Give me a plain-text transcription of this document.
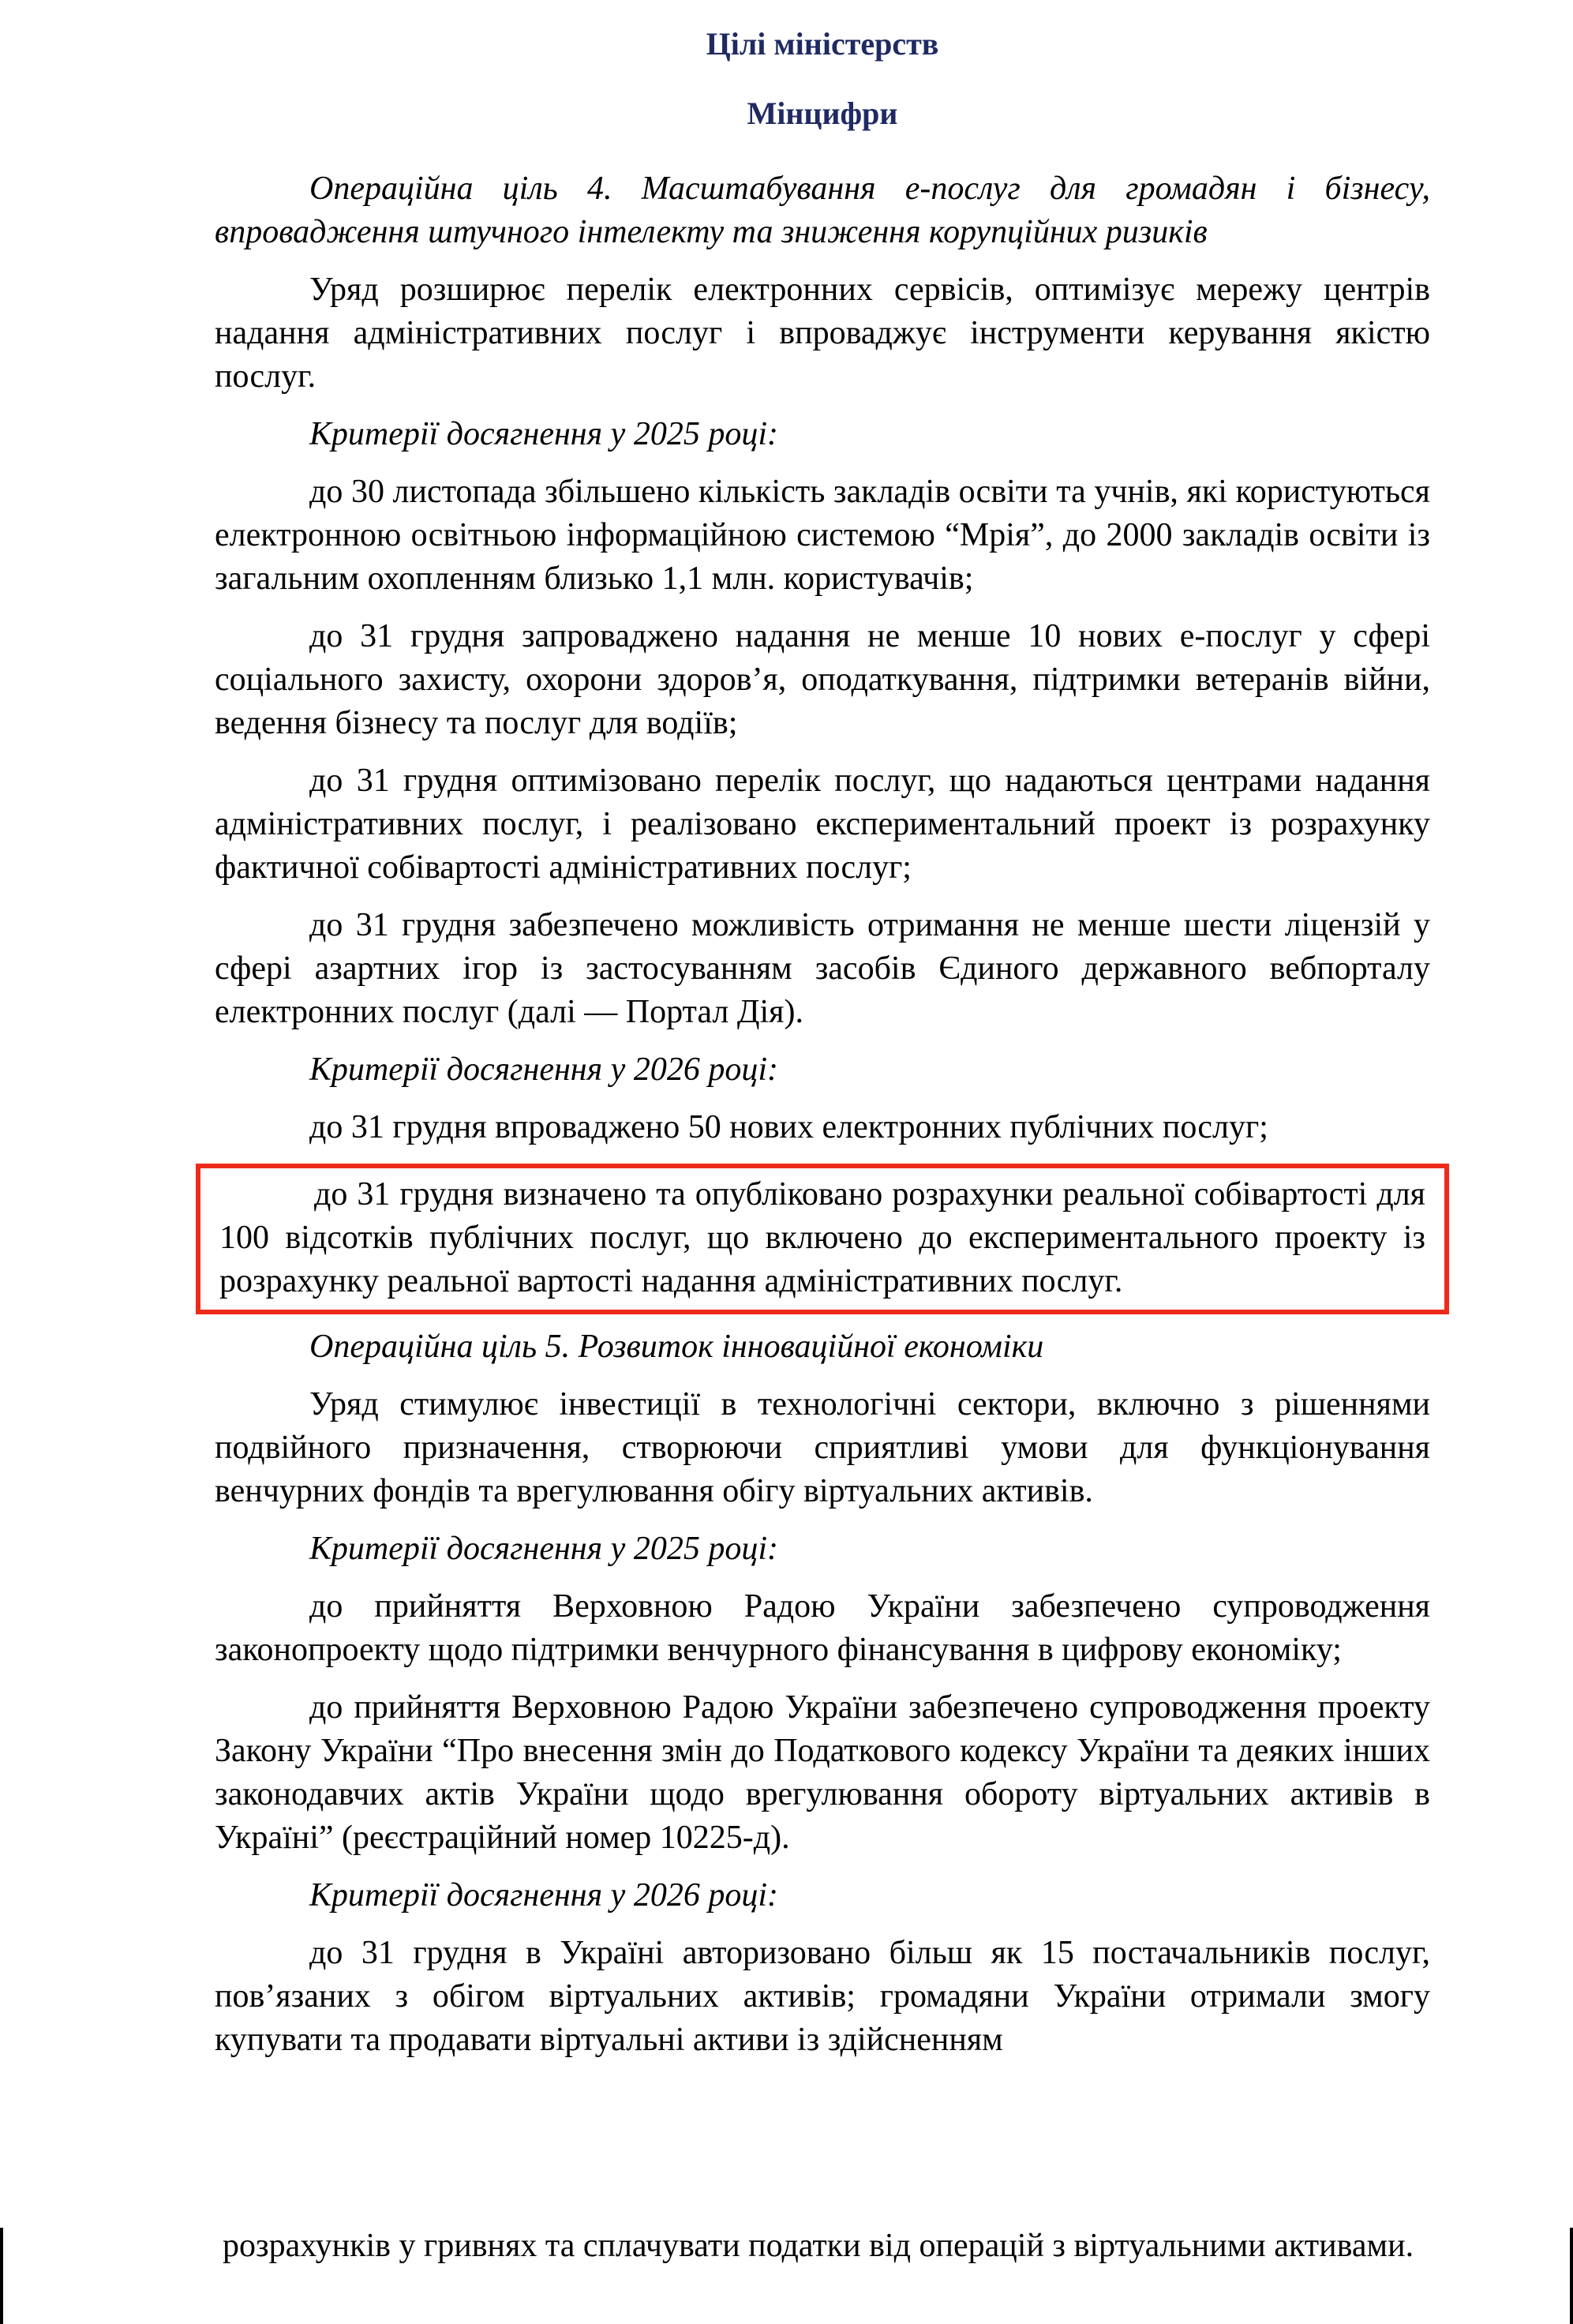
Цілі міністерств
Мінцифри

Операційна ціль 4. Масштабування е-послуг для громадян і бізнесу, впровадження штучного інтелекту та зниження корупційних ризиків

Уряд розширює перелік електронних сервісів, оптимізує мережу центрів надання адміністративних послуг і впроваджує інструменти керування якістю послуг.

Критерії досягнення у 2025 році:

до 30 листопада збільшено кількість закладів освіти та учнів, які користуються електронною освітньою інформаційною системою “Мрія”, до 2000 закладів освіти із загальним охопленням близько 1,1 млн. користувачів;

до 31 грудня запроваджено надання не менше 10 нових е-послуг у сфері соціального захисту, охорони здоров’я, оподаткування, підтримки ветеранів війни, ведення бізнесу та послуг для водіїв;

до 31 грудня оптимізовано перелік послуг, що надаються центрами надання адміністративних послуг, і реалізовано експериментальний проект із розрахунку фактичної собівартості адміністративних послуг;

до 31 грудня забезпечено можливість отримання не менше шести ліцензій у сфері азартних ігор із застосуванням засобів Єдиного державного вебпорталу електронних послуг (далі — Портал Дія).

Критерії досягнення у 2026 році:

до 31 грудня впроваджено 50 нових електронних публічних послуг;

до 31 грудня визначено та опубліковано розрахунки реальної собівартості для 100 відсотків публічних послуг, що включено до експериментального проекту із розрахунку реальної вартості надання адміністративних послуг.

Операційна ціль 5. Розвиток інноваційної економіки

Уряд стимулює інвестиції в технологічні сектори, включно з рішеннями подвійного призначення, створюючи сприятливі умови для функціонування венчурних фондів та врегулювання обігу віртуальних активів.

Критерії досягнення у 2025 році:

до прийняття Верховною Радою України забезпечено супроводження законопроекту щодо підтримки венчурного фінансування в цифрову економіку;

до прийняття Верховною Радою України забезпечено супроводження проекту Закону України “Про внесення змін до Податкового кодексу України та деяких інших законодавчих актів України щодо врегулювання обороту віртуальних активів в Україні” (реєстраційний номер 10225-д).

Критерії досягнення у 2026 році:

до 31 грудня в Україні авторизовано більш як 15 постачальників послуг, пов’язаних з обігом віртуальних активів; громадяни України отримали змогу купувати та продавати віртуальні активи із здійсненням

розрахунків у гривнях та сплачувати податки від операцій з віртуальними активами.
